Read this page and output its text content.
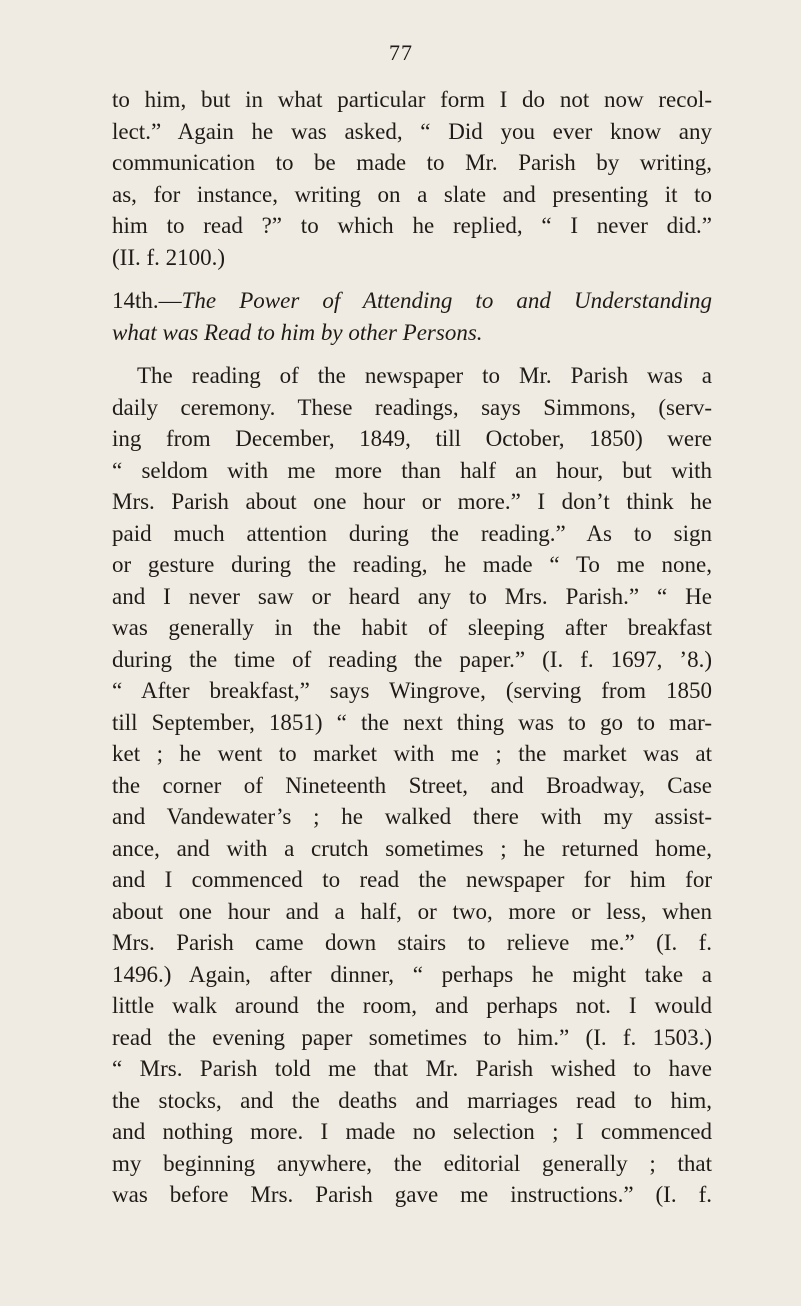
77
to him, but in what particular form I do not now recol-
lect.” Again he was asked, “ Did you ever know any
communication to be made to Mr. Parish by writing,
as, for instance, writing on a slate and presenting it to
him to read ?” to which he replied, “ I never did.”
(II. f. 2100.)
14th.—The Power of Attending to and Understanding
what was Read to him by other Persons.
The reading of the newspaper to Mr. Parish was a
daily ceremony. These readings, says Simmons, (serv-
ing from December, 1849, till October, 1850) were
“ seldom with me more than half an hour, but with
Mrs. Parish about one hour or more.” I don’t think he
paid much attention during the reading.” As to sign
or gesture during the reading, he made “ To me none,
and I never saw or heard any to Mrs. Parish.” “ He
was generally in the habit of sleeping after breakfast
during the time of reading the paper.” (I. f. 1697, ’8.)
“ After breakfast,” says Wingrove, (serving from 1850
till September, 1851) “ the next thing was to go to mar-
ket ; he went to market with me ; the market was at
the corner of Nineteenth Street, and Broadway, Case
and Vandewater’s ; he walked there with my assist-
ance, and with a crutch sometimes ; he returned home,
and I commenced to read the newspaper for him for
about one hour and a half, or two, more or less, when
Mrs. Parish came down stairs to relieve me.” (I. f.
1496.) Again, after dinner, “ perhaps he might take a
little walk around the room, and perhaps not. I would
read the evening paper sometimes to him.” (I. f. 1503.)
“ Mrs. Parish told me that Mr. Parish wished to have
the stocks, and the deaths and marriages read to him,
and nothing more. I made no selection ; I commenced
my beginning anywhere, the editorial generally ; that
was before Mrs. Parish gave me instructions.” (I. f.
